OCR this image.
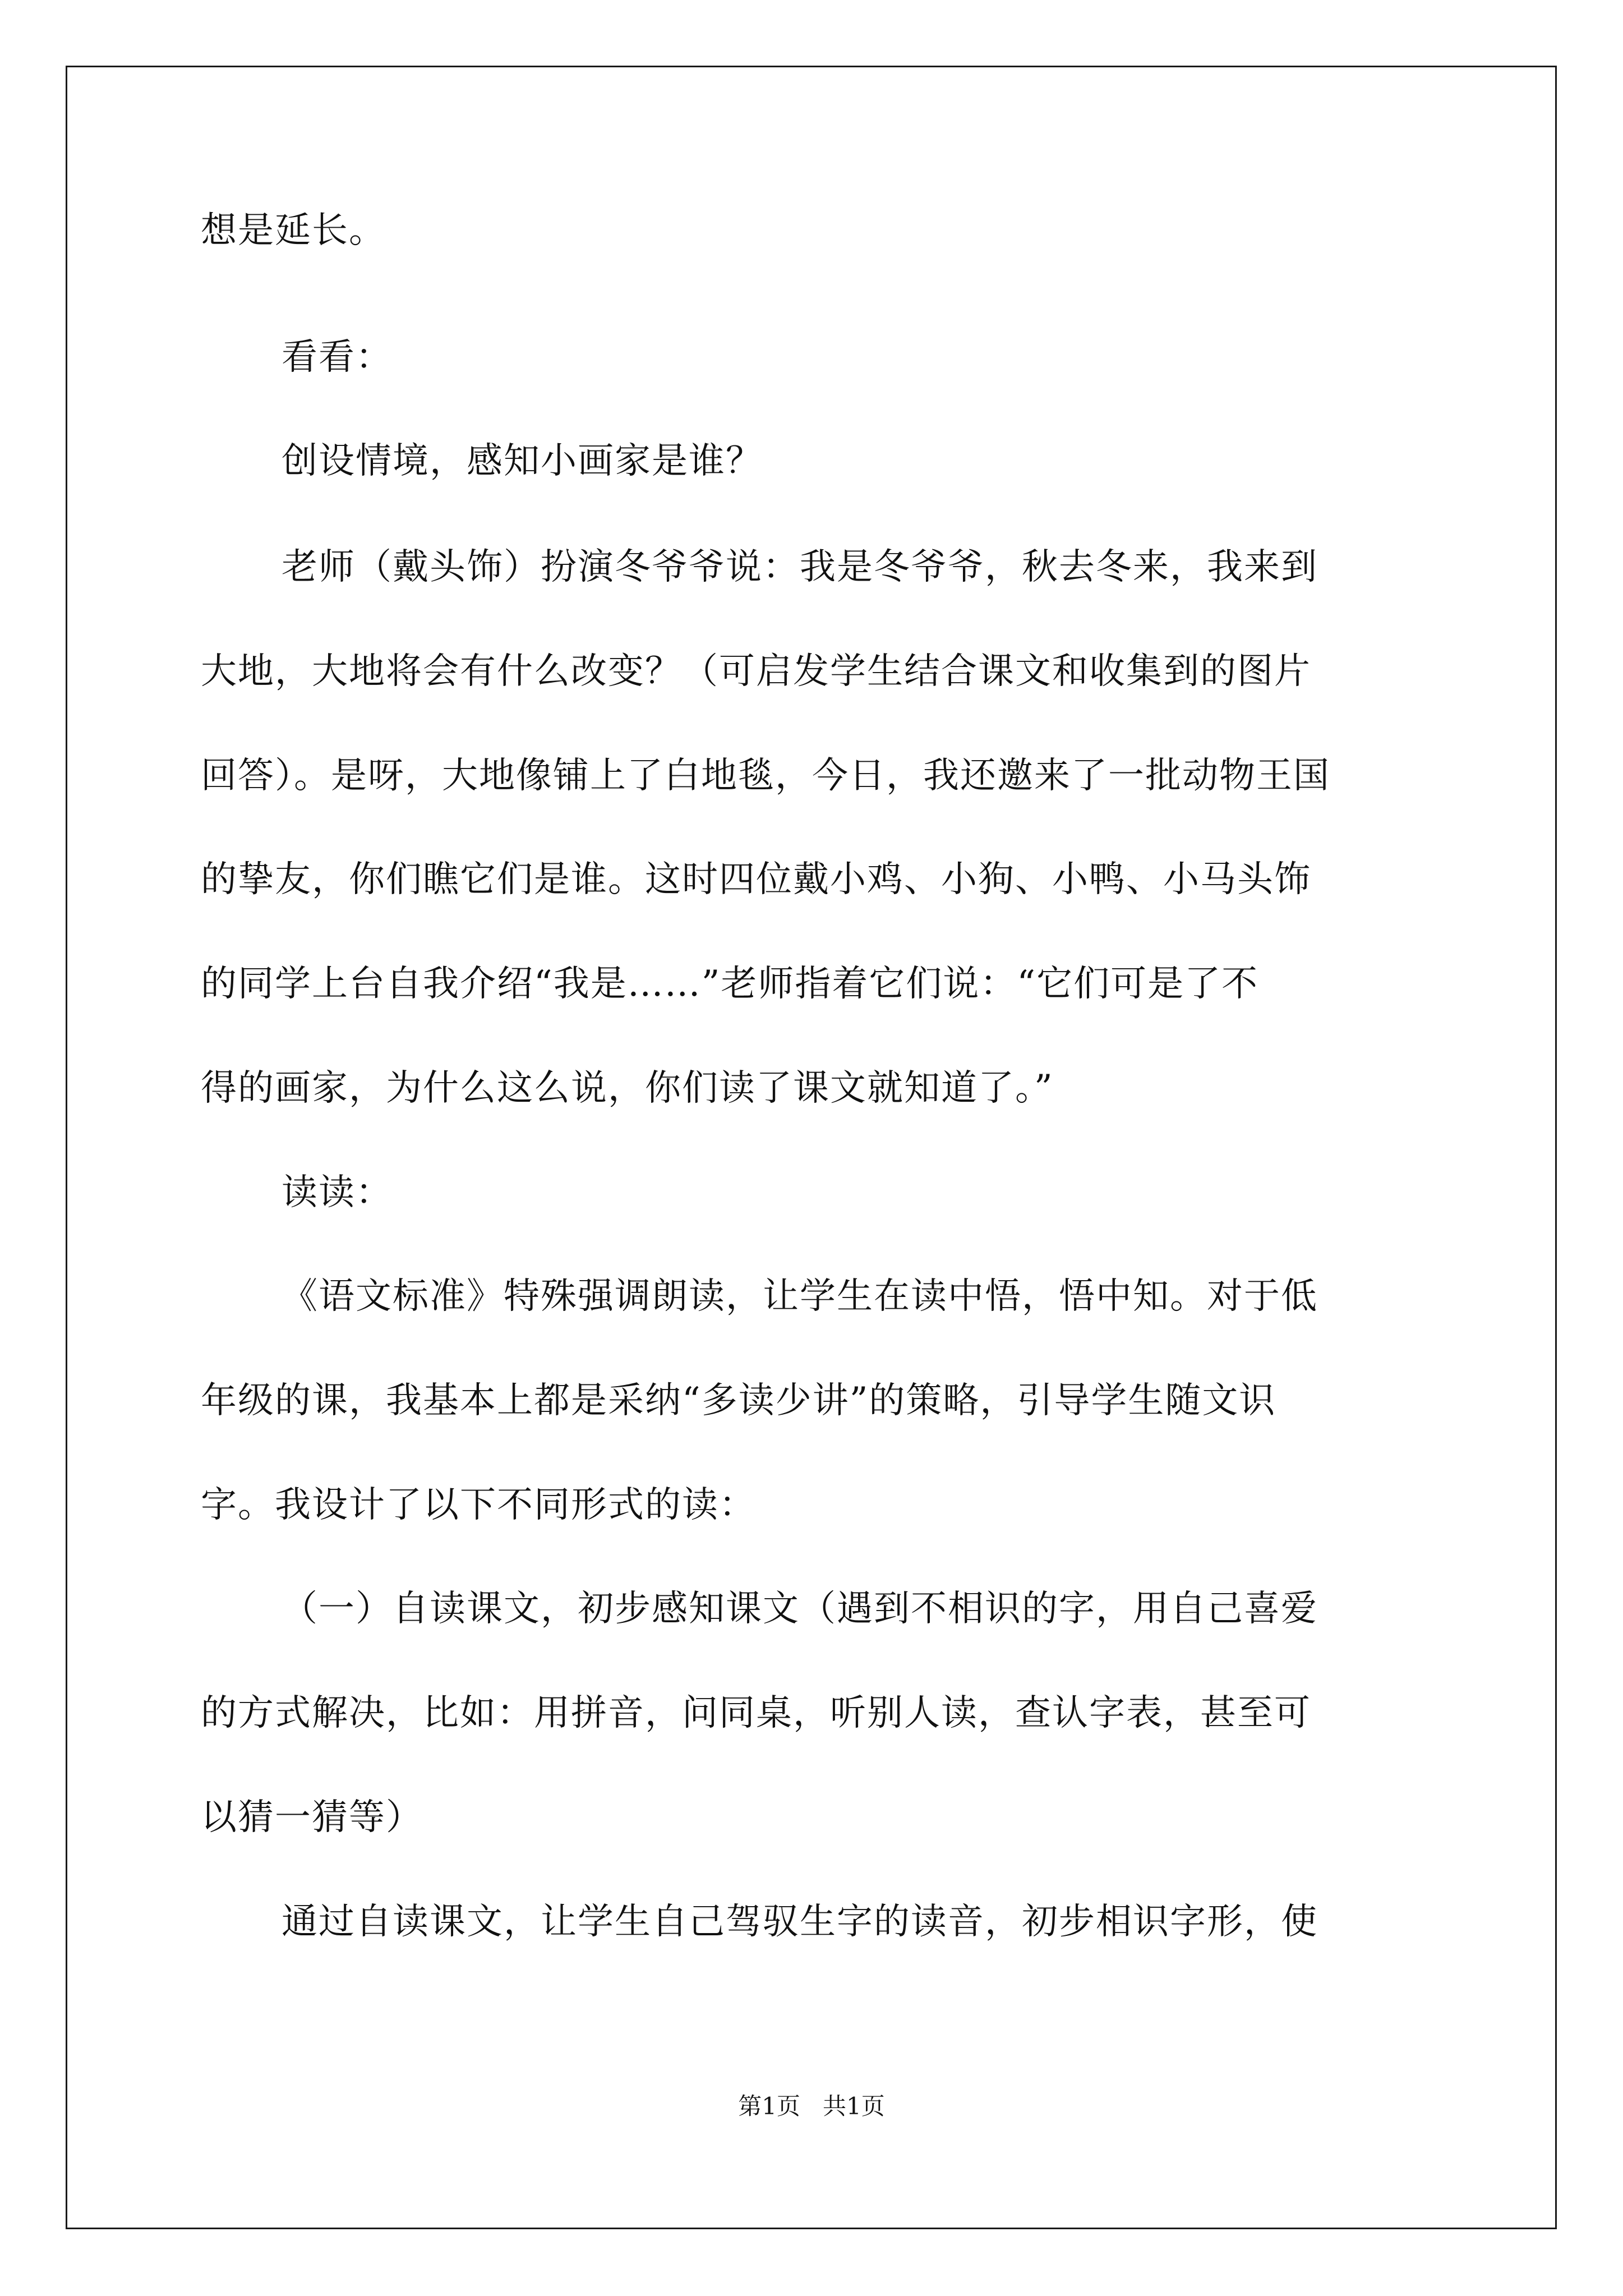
想是延长。
看看：
创设情境，感知小画家是谁？
老师（戴头饰）扮演冬爷爷说：我是冬爷爷，秋去冬来，我来到
大地，大地将会有什么改变？（可启发学生结合课文和收集到的图片
回答）。是呀，大地像铺上了白地毯，今日，我还邀来了一批动物王国
的挚友，你们瞧它们是谁。这时四位戴小鸡、小狗、小鸭、小马头饰
的同学上台自我介绍“我是……”老师指着它们说：“它们可是了不
得的画家，为什么这么说，你们读了课文就知道了。”
读读：
《语文标准》特殊强调朗读，让学生在读中悟，悟中知。对于低
年级的课，我基本上都是采纳“多读少讲”的策略，引导学生随文识
字。我设计了以下不同形式的读：
（一）自读课文，初步感知课文（遇到不相识的字，用自己喜爱
的方式解决，比如：用拼音，问同桌，听别人读，查认字表，甚至可
以猜一猜等）
通过自读课文，让学生自己驾驭生字的读音，初步相识字形，使
第1页   共1页
